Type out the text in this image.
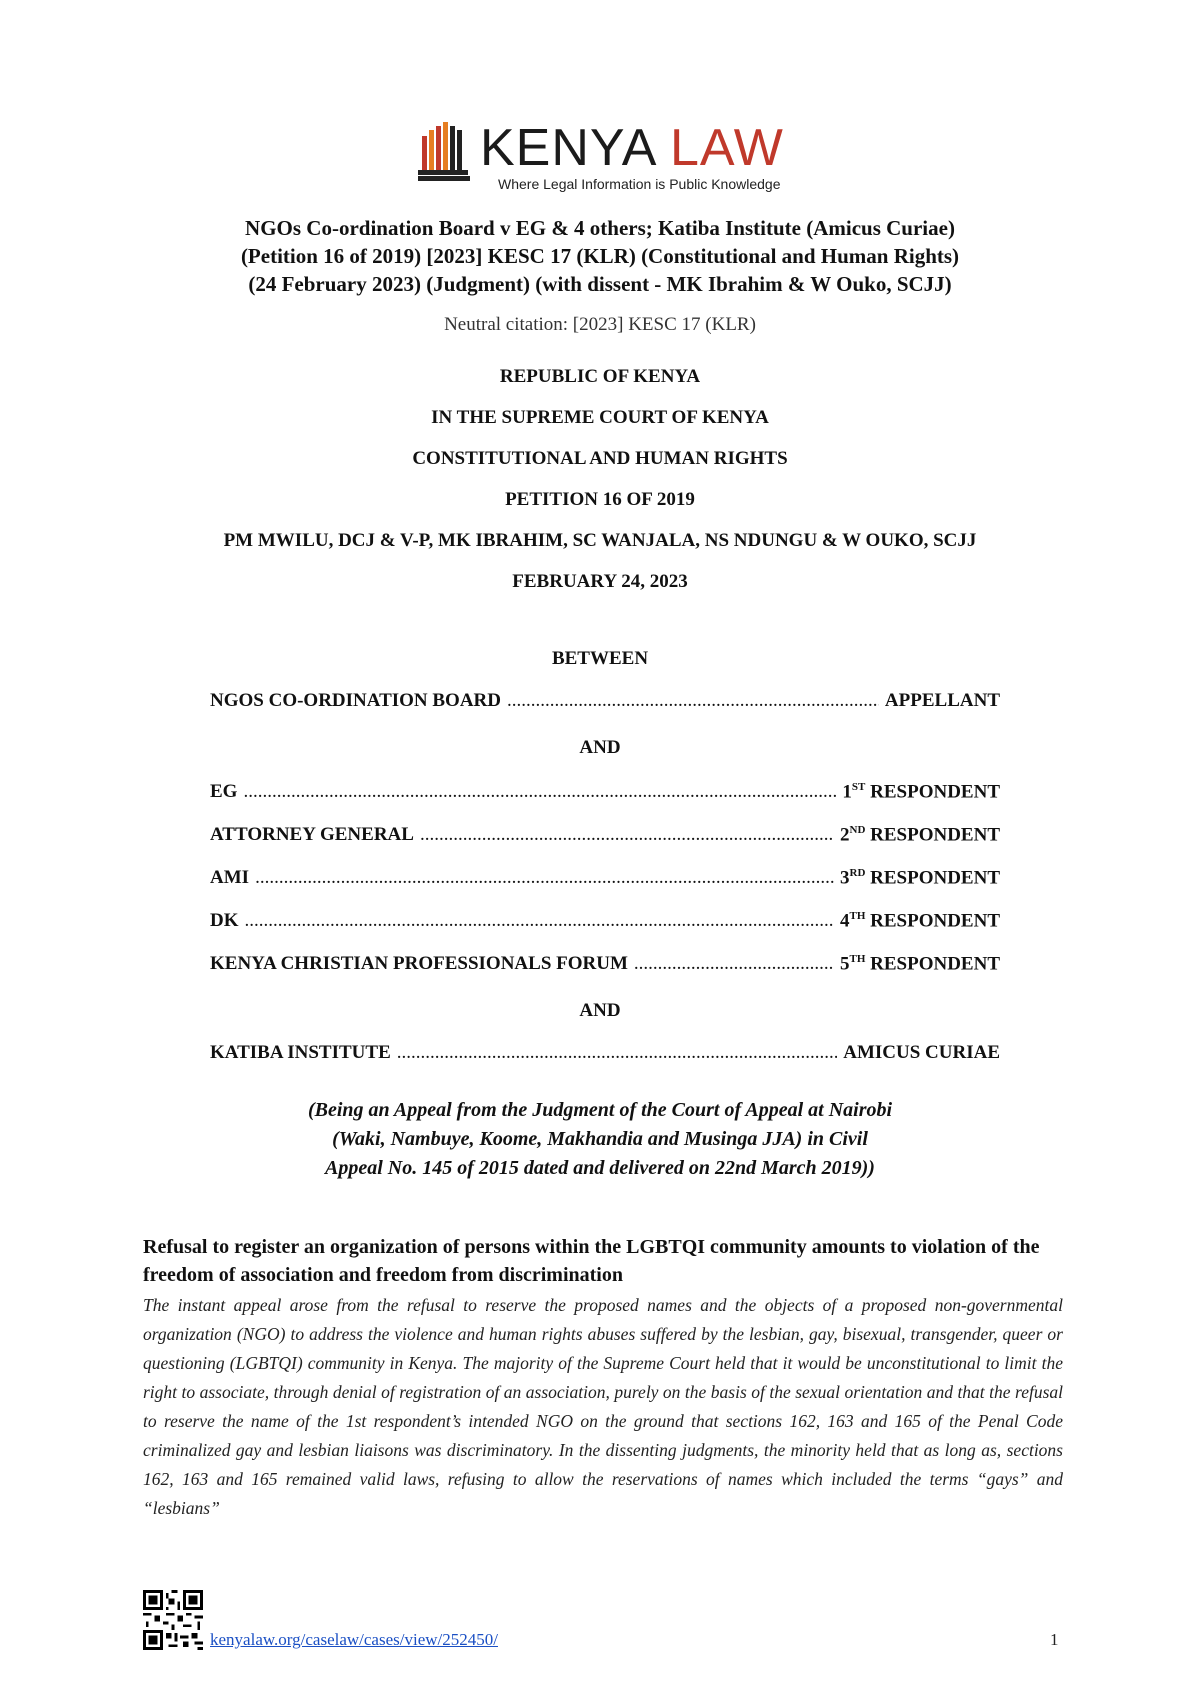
KENYA LAW
Where Legal Information is Public Knowledge
NGOs Co-ordination Board v EG & 4 others; Katiba Institute (Amicus Curiae)
(Petition 16 of 2019) [2023] KESC 17 (KLR) (Constitutional and Human Rights)
(24 February 2023) (Judgment) (with dissent - MK Ibrahim & W Ouko, SCJJ)
Neutral citation: [2023] KESC 17 (KLR)
REPUBLIC OF KENYA
IN THE SUPREME COURT OF KENYA
CONSTITUTIONAL AND HUMAN RIGHTS
PETITION 16 OF 2019
PM MWILU, DCJ & V-P, MK IBRAHIM, SC WANJALA, NS NDUNGU & W OUKO, SCJJ
FEBRUARY 24, 2023
BETWEEN
NGOS CO-ORDINATION BOARD .....	APPELLANT
AND
EG .....	1ST RESPONDENT
ATTORNEY GENERAL .....	2ND RESPONDENT
AMI .....	3RD RESPONDENT
DK .....	4TH RESPONDENT
KENYA CHRISTIAN PROFESSIONALS FORUM .....	5TH RESPONDENT
AND
KATIBA INSTITUTE .....	AMICUS CURIAE
(Being an Appeal from the Judgment of the Court of Appeal at Nairobi
(Waki, Nambuye, Koome, Makhandia and Musinga JJA) in Civil
Appeal No. 145 of 2015 dated and delivered on 22nd March 2019))
Refusal to register an organization of persons within the LGBTQI community amounts to violation of the freedom of association and freedom from discrimination
The instant appeal arose from the refusal to reserve the proposed names and the objects of a proposed non-governmental organization (NGO) to address the violence and human rights abuses suffered by the lesbian, gay, bisexual, transgender, queer or questioning (LGBTQI) community in Kenya. The majority of the Supreme Court held that it would be unconstitutional to limit the right to associate, through denial of registration of an association, purely on the basis of the sexual orientation and that the refusal to reserve the name of the 1st respondent’s intended NGO on the ground that sections 162, 163 and 165 of the Penal Code criminalized gay and lesbian liaisons was discriminatory. In the dissenting judgments, the minority held that as long as, sections 162, 163 and 165 remained valid laws, refusing to allow the reservations of names which included the terms “gays” and “lesbians”
kenyalaw.org/caselaw/cases/view/252450/	1
